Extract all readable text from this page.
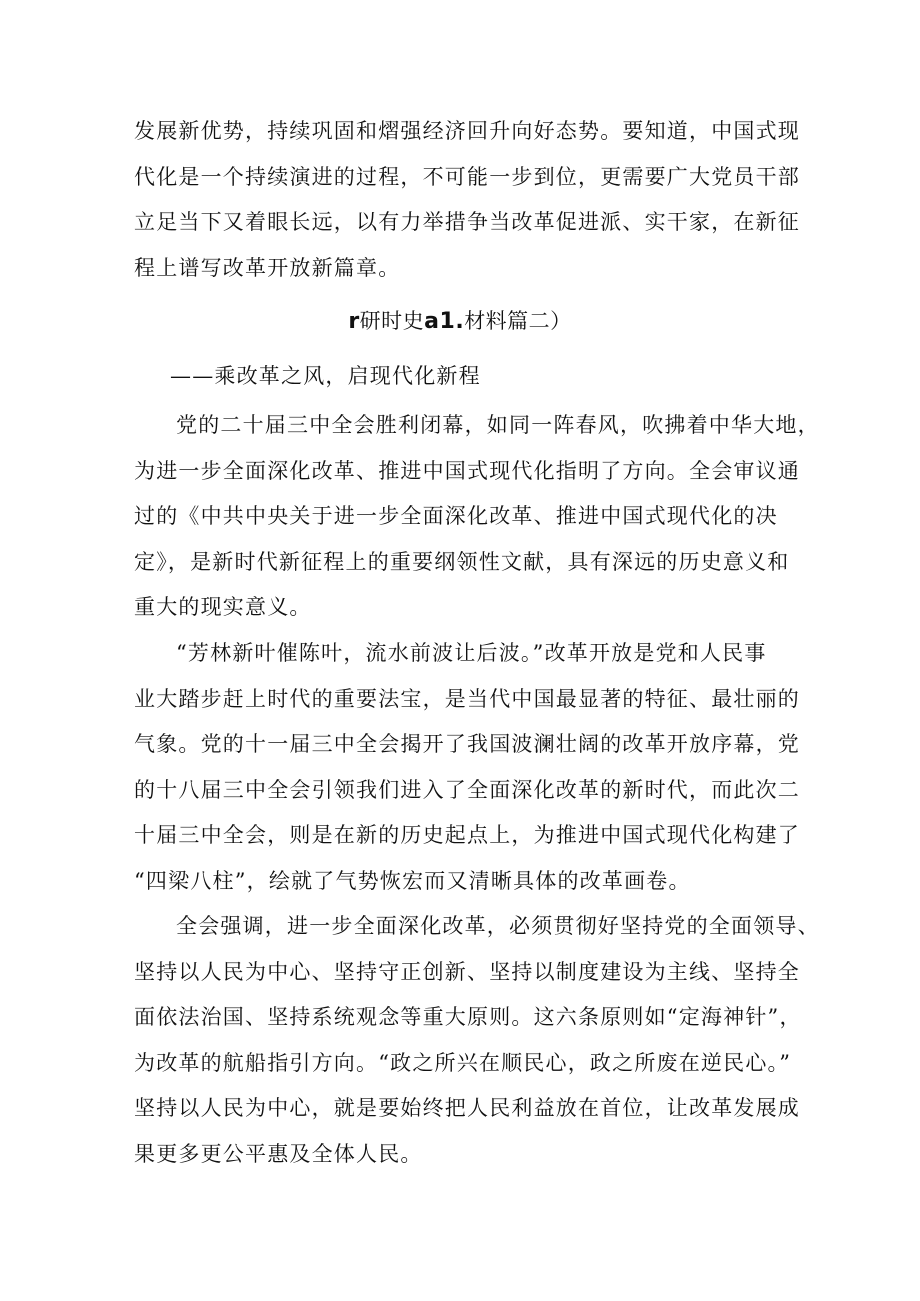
发展新优势，持续巩固和熠强经济回升向好态势。要知道，中国式现
代化是一个持续演进的过程，不可能一步到位，更需要广大党员干部
立足当下又着眼长远，以有力举措争当改革促进派、实干家，在新征
程上谱写改革开放新篇章。
r研时史a1.材料篇二）
——乘改革之风，启现代化新程
党的二十届三中全会胜利闭幕，如同一阵春风，吹拂着中华大地，
为进一步全面深化改革、推进中国式现代化指明了方向。全会审议通
过的《中共中央关于进一步全面深化改革、推进中国式现代化的决
定》，是新时代新征程上的重要纲领性文献，具有深远的历史意义和
重大的现实意义。
“芳林新叶催陈叶，流水前波让后波。”改革开放是党和人民事
业大踏步赶上时代的重要法宝，是当代中国最显著的特征、最壮丽的
气象。党的十一届三中全会揭开了我国波澜壮阔的改革开放序幕，党
的十八届三中全会引领我们进入了全面深化改革的新时代，而此次二
十届三中全会，则是在新的历史起点上，为推进中国式现代化构建了
“四梁八柱”，绘就了气势恢宏而又清晰具体的改革画卷。
全会强调，进一步全面深化改革，必须贯彻好坚持党的全面领导、
坚持以人民为中心、坚持守正创新、坚持以制度建设为主线、坚持全
面依法治国、坚持系统观念等重大原则。这六条原则如“定海神针”，
为改革的航船指引方向。“政之所兴在顺民心，政之所废在逆民心。”
坚持以人民为中心，就是要始终把人民利益放在首位，让改革发展成
果更多更公平惠及全体人民。
